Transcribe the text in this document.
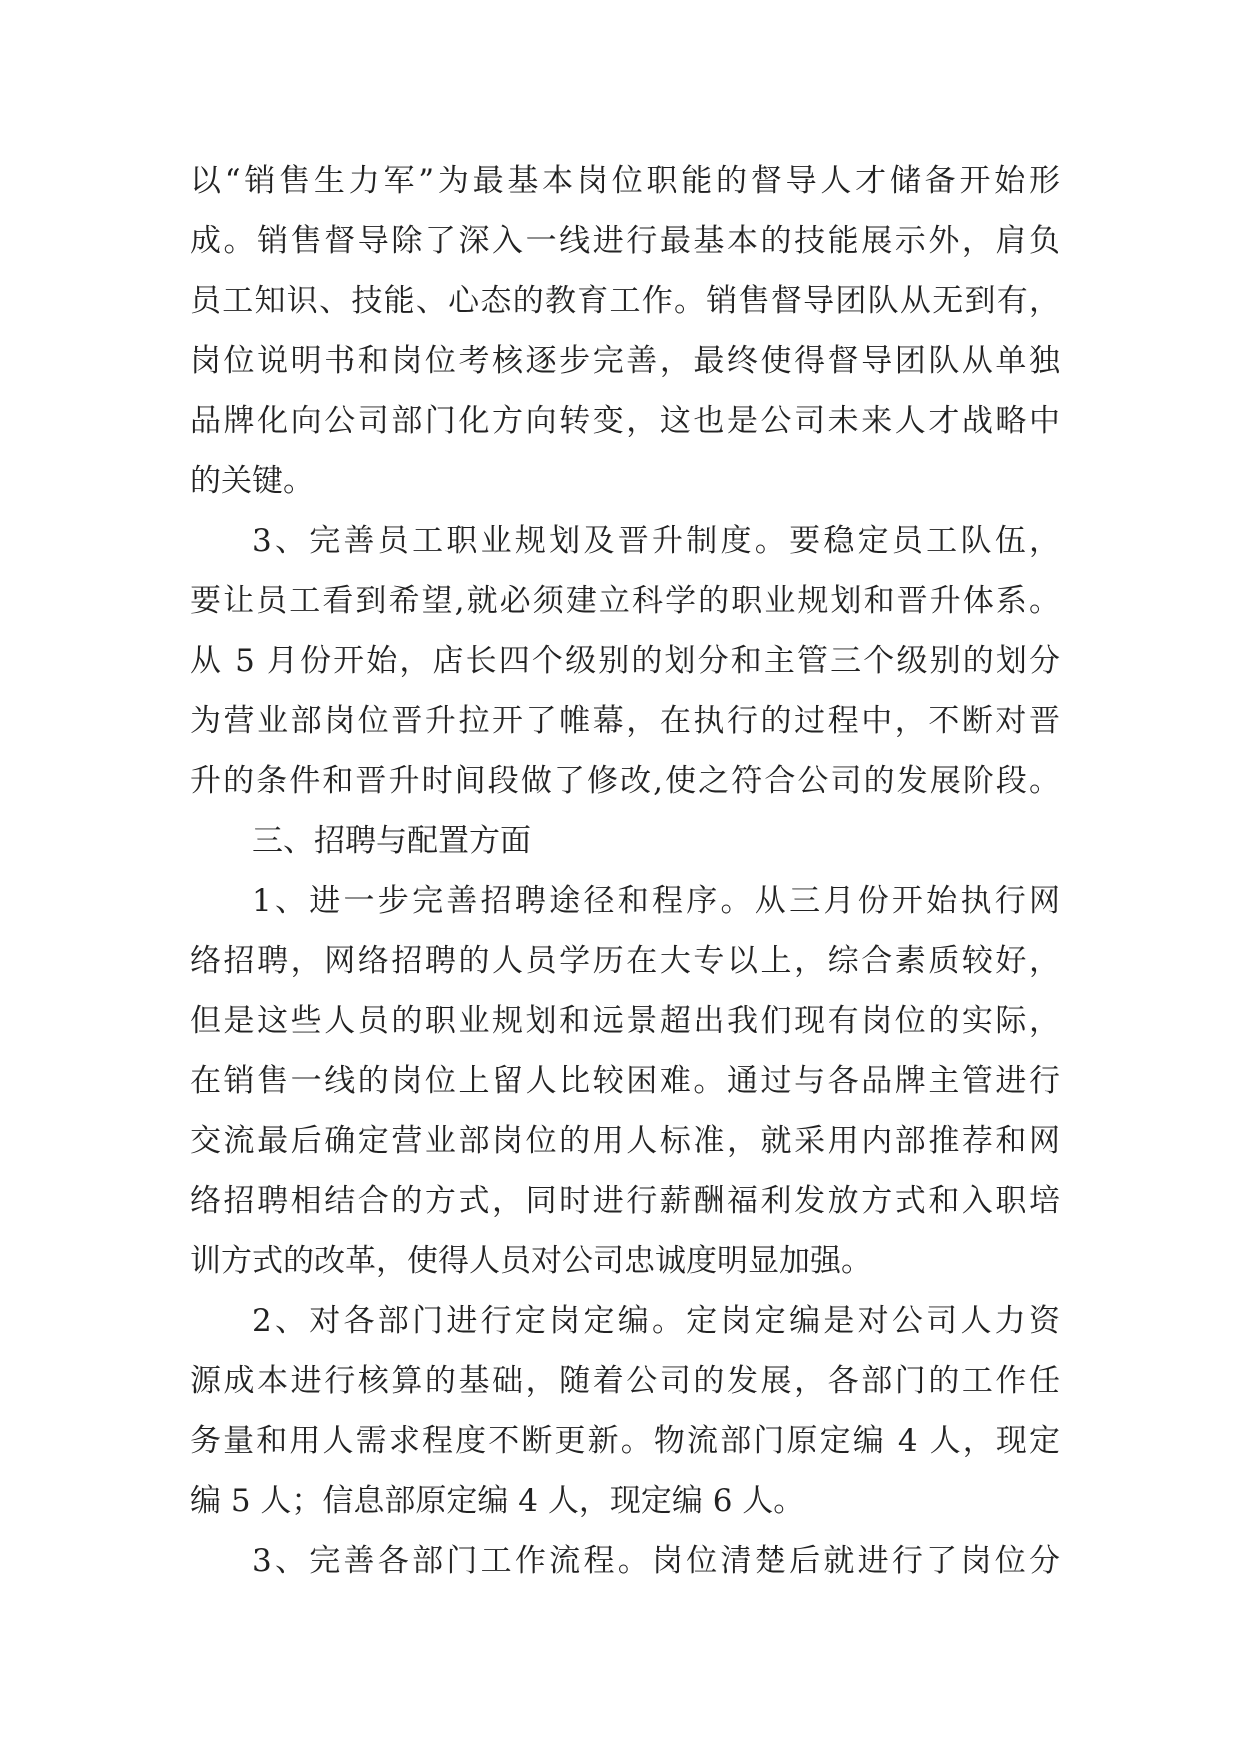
以“销售生力军”为最基本岗位职能的督导人才储备开始形
成。销售督导除了深入一线进行最基本的技能展示外，肩负
员工知识、技能、心态的教育工作。销售督导团队从无到有，
岗位说明书和岗位考核逐步完善，最终使得督导团队从单独
品牌化向公司部门化方向转变，这也是公司未来人才战略中
的关键。
3、完善员工职业规划及晋升制度。要稳定员工队伍，
要让员工看到希望,就必须建立科学的职业规划和晋升体系。
从 5 月份开始，店长四个级别的划分和主管三个级别的划分
为营业部岗位晋升拉开了帷幕，在执行的过程中，不断对晋
升的条件和晋升时间段做了修改,使之符合公司的发展阶段。
三、招聘与配置方面
1、进一步完善招聘途径和程序。从三月份开始执行网
络招聘，网络招聘的人员学历在大专以上，综合素质较好，
但是这些人员的职业规划和远景超出我们现有岗位的实际，
在销售一线的岗位上留人比较困难。通过与各品牌主管进行
交流最后确定营业部岗位的用人标准，就采用内部推荐和网
络招聘相结合的方式，同时进行薪酬福利发放方式和入职培
训方式的改革，使得人员对公司忠诚度明显加强。
2、对各部门进行定岗定编。定岗定编是对公司人力资
源成本进行核算的基础，随着公司的发展，各部门的工作任
务量和用人需求程度不断更新。物流部门原定编 4 人，现定
编 5 人；信息部原定编 4 人，现定编 6 人。
3、完善各部门工作流程。岗位清楚后就进行了岗位分
